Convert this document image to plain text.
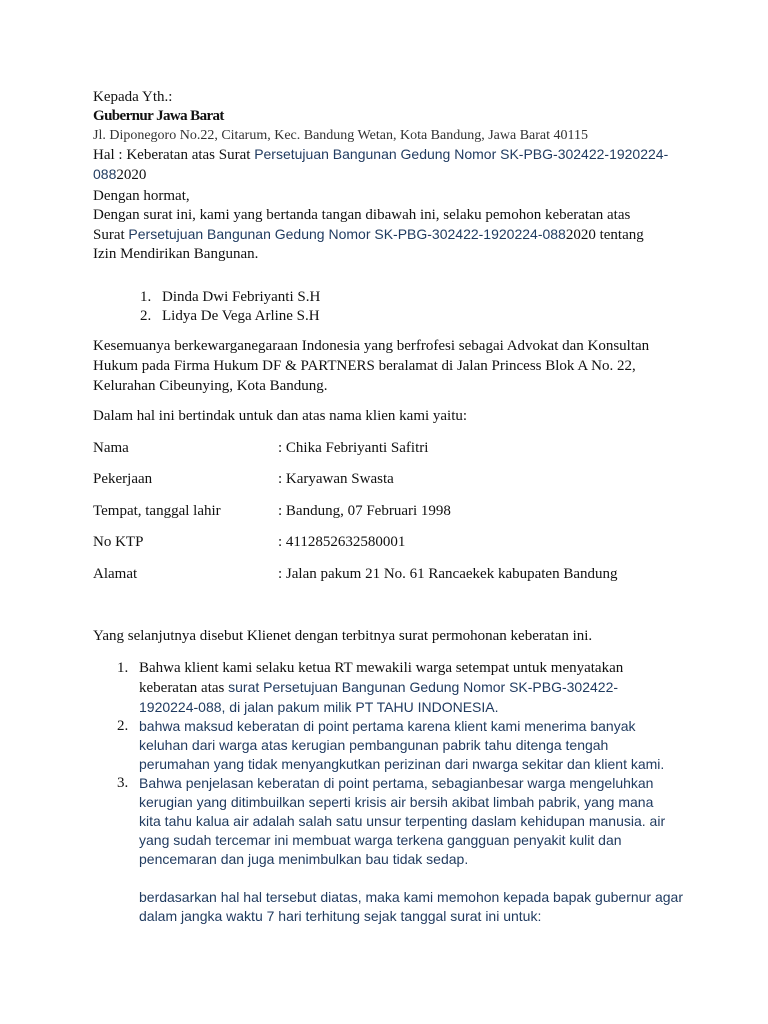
Kepada Yth.:
Gubernur Jawa Barat
Jl. Diponegoro No.22, Citarum, Kec. Bandung Wetan, Kota Bandung, Jawa Barat 40115
Hal : Keberatan atas Surat Persetujuan Bangunan Gedung Nomor SK-PBG-302422-1920224-
0882020
Dengan hormat,
Dengan surat ini, kami yang bertanda tangan dibawah ini, selaku pemohon keberatan atas
Surat Persetujuan Bangunan Gedung Nomor SK-PBG-302422-1920224-0882020 tentang
Izin Mendirikan Bangunan.
1. Dinda Dwi Febriyanti S.H
2. Lidya De Vega Arline S.H
Kesemuanya berkewarganegaraan Indonesia yang berfrofesi sebagai Advokat dan Konsultan
Hukum pada Firma Hukum DF & PARTNERS beralamat di Jalan Princess Blok A No. 22,
Kelurahan Cibeunying, Kota Bandung.
Dalam hal ini bertindak untuk dan atas nama klien kami yaitu:
Nama	: Chika Febriyanti Safitri
Pekerjaan	: Karyawan Swasta
Tempat, tanggal lahir	: Bandung, 07 Februari 1998
No KTP	: 4112852632580001
Alamat	: Jalan pakum 21 No. 61 Rancaekek kabupaten Bandung
Yang selanjutnya disebut Klienet dengan terbitnya surat permohonan keberatan ini.
1. Bahwa klient kami selaku ketua RT mewakili warga setempat untuk menyatakan
keberatan atas surat Persetujuan Bangunan Gedung Nomor SK-PBG-302422-
1920224-088, di jalan pakum milik PT TAHU INDONESIA.
2. bahwa maksud keberatan di point pertama karena klient kami menerima banyak
keluhan dari warga atas kerugian pembangunan pabrik tahu ditenga tengah
perumahan yang tidak menyangkutkan perizinan dari nwarga sekitar dan klient kami.
3. Bahwa penjelasan keberatan di point pertama, sebagianbesar warga mengeluhkan
kerugian yang ditimbuilkan seperti krisis air bersih akibat limbah pabrik, yang mana
kita tahu kalua air adalah salah satu unsur terpenting daslam kehidupan manusia. air
yang sudah tercemar ini membuat warga terkena gangguan penyakit kulit dan
pencemaran dan juga menimbulkan bau tidak sedap.
berdasarkan hal hal tersebut diatas, maka kami memohon kepada bapak gubernur agar
dalam jangka waktu 7 hari terhitung sejak tanggal surat ini untuk:
